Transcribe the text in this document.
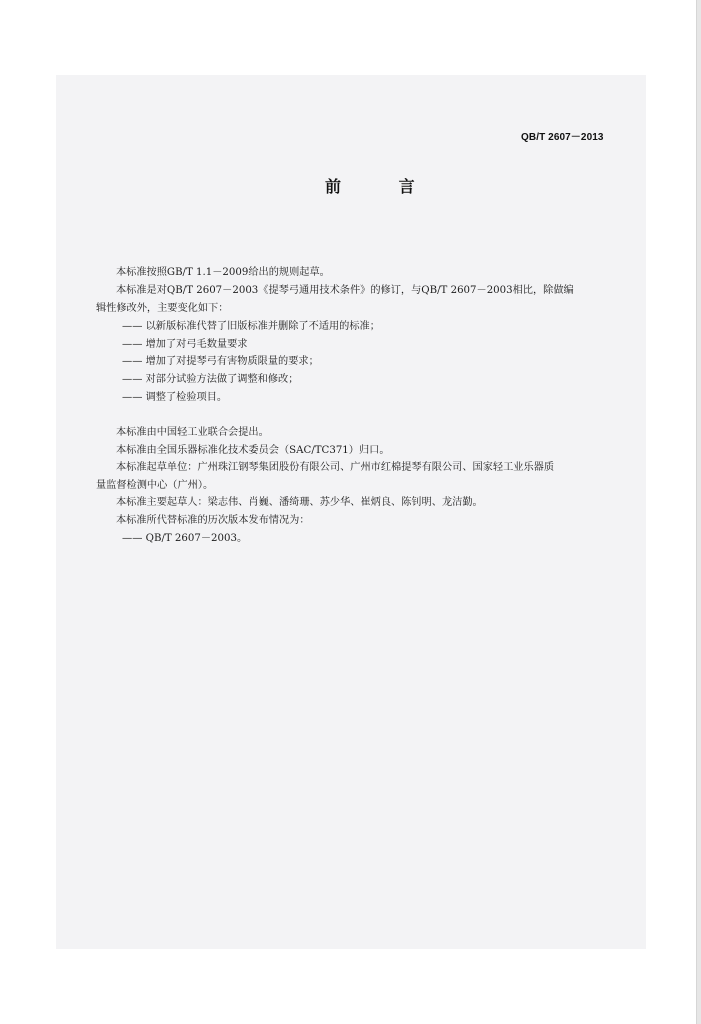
QB/T 2607－2013
前 言
本标准按照GB/T 1.1－2009给出的规则起草。
本标准是对QB/T 2607－2003《提琴弓通用技术条件》的修订，与QB/T 2607－2003相比，除做编
辑性修改外，主要变化如下：
—— 以新版标准代替了旧版标准并删除了不适用的标准；
—— 增加了对弓毛数量要求
—— 增加了对提琴弓有害物质限量的要求；
—— 对部分试验方法做了调整和修改；
—— 调整了检验项目。
本标准由中国轻工业联合会提出。
本标准由全国乐器标准化技术委员会（SAC/TC371）归口。
本标准起草单位：广州珠江钢琴集团股份有限公司、广州市红棉提琴有限公司、国家轻工业乐器质
量监督检测中心（广州）。
本标准主要起草人：梁志伟、肖巍、潘绮珊、苏少华、崔炳良、陈钊明、龙洁勤。
本标准所代替标准的历次版本发布情况为：
—— QB/T 2607－2003。
